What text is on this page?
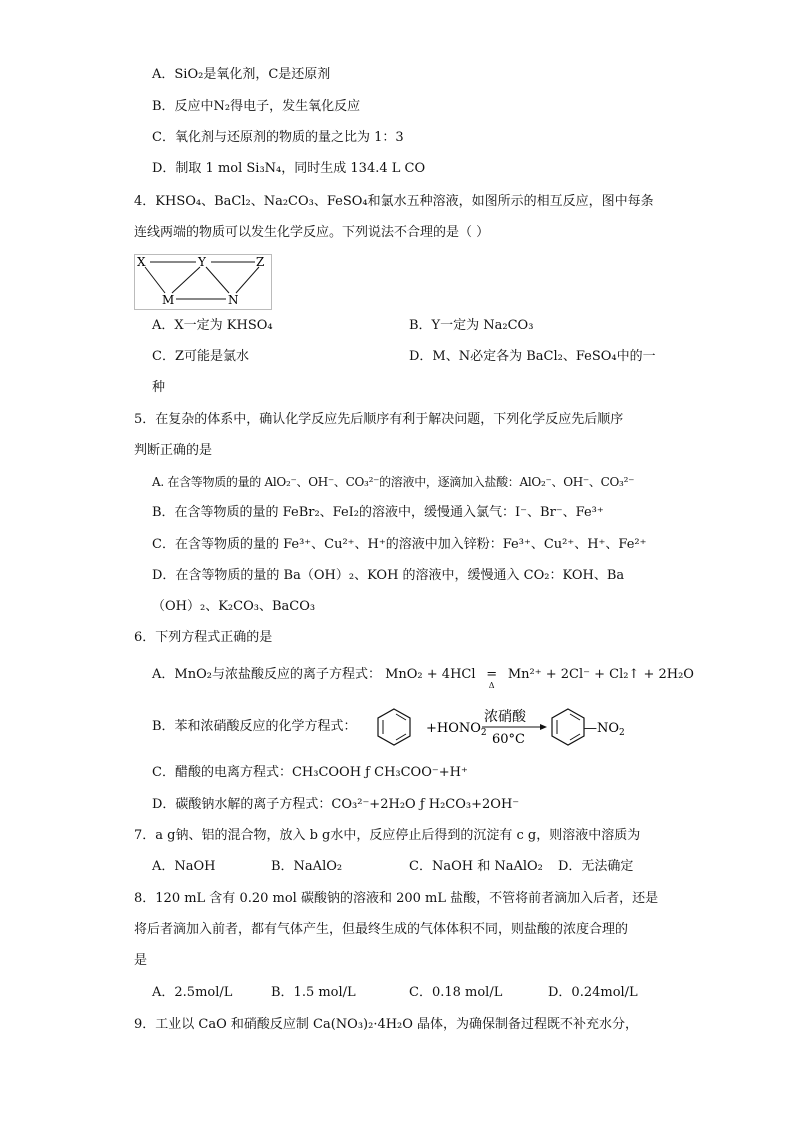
A．SiO₂是氧化剂，C是还原剂
B．反应中N₂得电子，发生氧化反应
C．氧化剂与还原剂的物质的量之比为 1：3
D．制取 1 mol Si₃N₄，同时生成 134.4 L CO
4．KHSO₄、BaCl₂、Na₂CO₃、FeSO₄和氯水五种溶液，如图所示的相互反应，图中每条
连线两端的物质可以发生化学反应。下列说法不合理的是（ ）
X	Y	Z
M	N
A．X一定为 KHSO₄	B．Y一定为 Na₂CO₃
C．Z可能是氯水	D．M、N必定各为 BaCl₂、FeSO₄中的一
种
5．在复杂的体系中，确认化学反应先后顺序有利于解决问题，下列化学反应先后顺序
判断正确的是
A. 在含等物质的量的 AlO₂⁻、OH⁻、CO₃²⁻的溶液中，逐滴加入盐酸：AlO₂⁻、OH⁻、CO₃²⁻
B．在含等物质的量的 FeBr₂、FeI₂的溶液中，缓慢通入氯气：I⁻、Br⁻、Fe³⁺
C．在含等物质的量的 Fe³⁺、Cu²⁺、H⁺的溶液中加入锌粉：Fe³⁺、Cu²⁺、H⁺、Fe²⁺
D．在含等物质的量的 Ba（OH）₂、KOH 的溶液中，缓慢通入 CO₂：KOH、Ba
（OH）₂、K₂CO₃、BaCO₃
6．下列方程式正确的是
A．MnO₂与浓盐酸反应的离子方程式： MnO₂ + 4HCl =
Δ
Mn²⁺ + 2Cl⁻ + Cl₂↑ + 2H₂O
B．苯和浓硝酸反应的化学方程式：	$+HONO_2$
浓硝酸
60°C
$—NO_2$
C．醋酸的电离方程式：CH₃COOH ƒ CH₃COO⁻+H⁺
D．碳酸钠水解的离子方程式：CO₃²⁻+2H₂O ƒ H₂CO₃+2OH⁻
7．a g钠、铝的混合物，放入 b g水中，反应停止后得到的沉淀有 c g，则溶液中溶质为
A．NaOH	B．NaAlO₂	C．NaOH 和 NaAlO₂ D．无法确定
8．120 mL 含有 0.20 mol 碳酸钠的溶液和 200 mL 盐酸，不管将前者滴加入后者，还是
将后者滴加入前者，都有气体产生，但最终生成的气体体积不同，则盐酸的浓度合理的
是
A．2.5mol/L	B．1.5 mol/L	C．0.18 mol/L	D．0.24mol/L
9．工业以 CaO 和硝酸反应制 Ca(NO₃)₂·4H₂O 晶体，为确保制备过程既不补充水分，
